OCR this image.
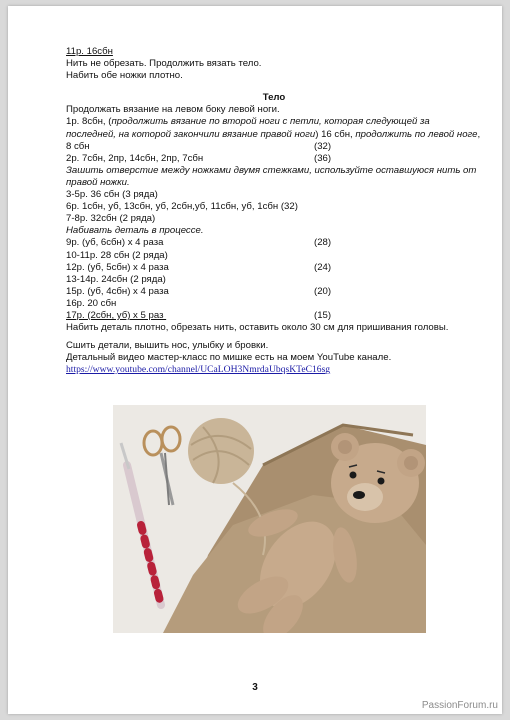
11р. 16сбн
Нить не обрезать. Продолжить вязать тело.
Набить обе ножки плотно.
Тело
Продолжать вязание на левом боку левой ноги.
1р. 8сбн, (продолжить вязание по второй ноги с петли, которая следующей за последней, на которой закончили вязание правой ноги) 16 сбн, продолжить по левой ноге, 8 сбн	(32)
2р. 7сбн, 2пр, 14сбн, 2пр, 7сбн	(36)
Зашить отверстие между ножками двумя стежками, используйте оставшуюся нить от правой ножки.
3-5р. 36 сбн (3 ряда)
6р. 1сбн, уб, 13сбн, уб, 2сбн,уб, 11сбн, уб, 1сбн (32)
7-8р. 32сбн (2 ряда)
Набивать деталь в процессе.
9р. (уб, 6сбн) х 4 раза	(28)
10-11р. 28 сбн (2 ряда)
12р. (уб, 5сбн) х 4 раза	(24)
13-14р. 24сбн (2 ряда)
15р. (уб, 4сбн) х 4 раза	(20)
16р. 20 сбн
17р. (2сбн, уб) х 5 раз	(15)
Набить деталь плотно, обрезать нить, оставить около 30 см для пришивания головы.
Сшить детали, вышить нос, улыбку и бровки.
Детальный видео мастер-класс по мишке есть на моем YouTube канале.
https://www.youtube.com/channel/UCaLOH3NmrdaUbqsKTeC16sg
3
PassionForum.ru
